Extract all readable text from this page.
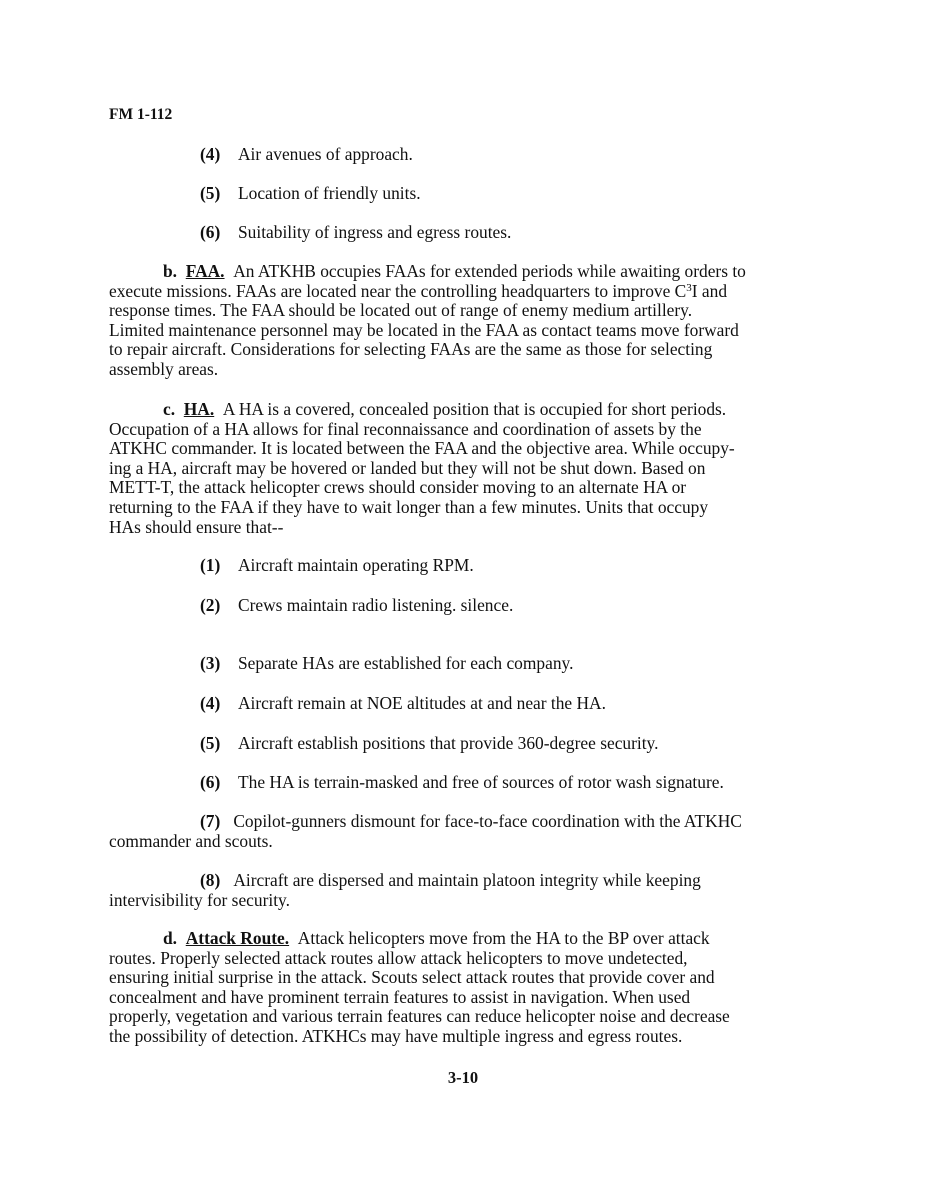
FM 1-112
(4) Air avenues of approach.
(5) Location of friendly units.
(6) Suitability of ingress and egress routes.
b. FAA. An ATKHB occupies FAAs for extended periods while awaiting orders to
execute missions. FAAs are located near the controlling headquarters to improve $C^3I$ and
response times. The FAA should be located out of range of enemy medium artillery.
Limited maintenance personnel may be located in the FAA as contact teams move forward
to repair aircraft. Considerations for selecting FAAs are the same as those for selecting
assembly areas.
c. HA. A HA is a covered, concealed position that is occupied for short periods.
Occupation of a HA allows for final reconnaissance and coordination of assets by the
ATKHC commander. It is located between the FAA and the objective area. While occupy-
ing a HA, aircraft may be hovered or landed but they will not be shut down. Based on
METT-T, the attack helicopter crews should consider moving to an alternate HA or
returning to the FAA if they have to wait longer than a few minutes. Units that occupy
HAs should ensure that--
(1) Aircraft maintain operating RPM.
(2) Crews maintain radio listening. silence.
(3) Separate HAs are established for each company.
(4) Aircraft remain at NOE altitudes at and near the HA.
(5) Aircraft establish positions that provide 360-degree security.
(6) The HA is terrain-masked and free of sources of rotor wash signature.
(7) Copilot-gunners dismount for face-to-face coordination with the ATKHC
commander and scouts.
(8) Aircraft are dispersed and maintain platoon integrity while keeping
intervisibility for security.
d. Attack Route. Attack helicopters move from the HA to the BP over attack
routes. Properly selected attack routes allow attack helicopters to move undetected,
ensuring initial surprise in the attack. Scouts select attack routes that provide cover and
concealment and have prominent terrain features to assist in navigation. When used
properly, vegetation and various terrain features can reduce helicopter noise and decrease
the possibility of detection. ATKHCs may have multiple ingress and egress routes.
3-10
